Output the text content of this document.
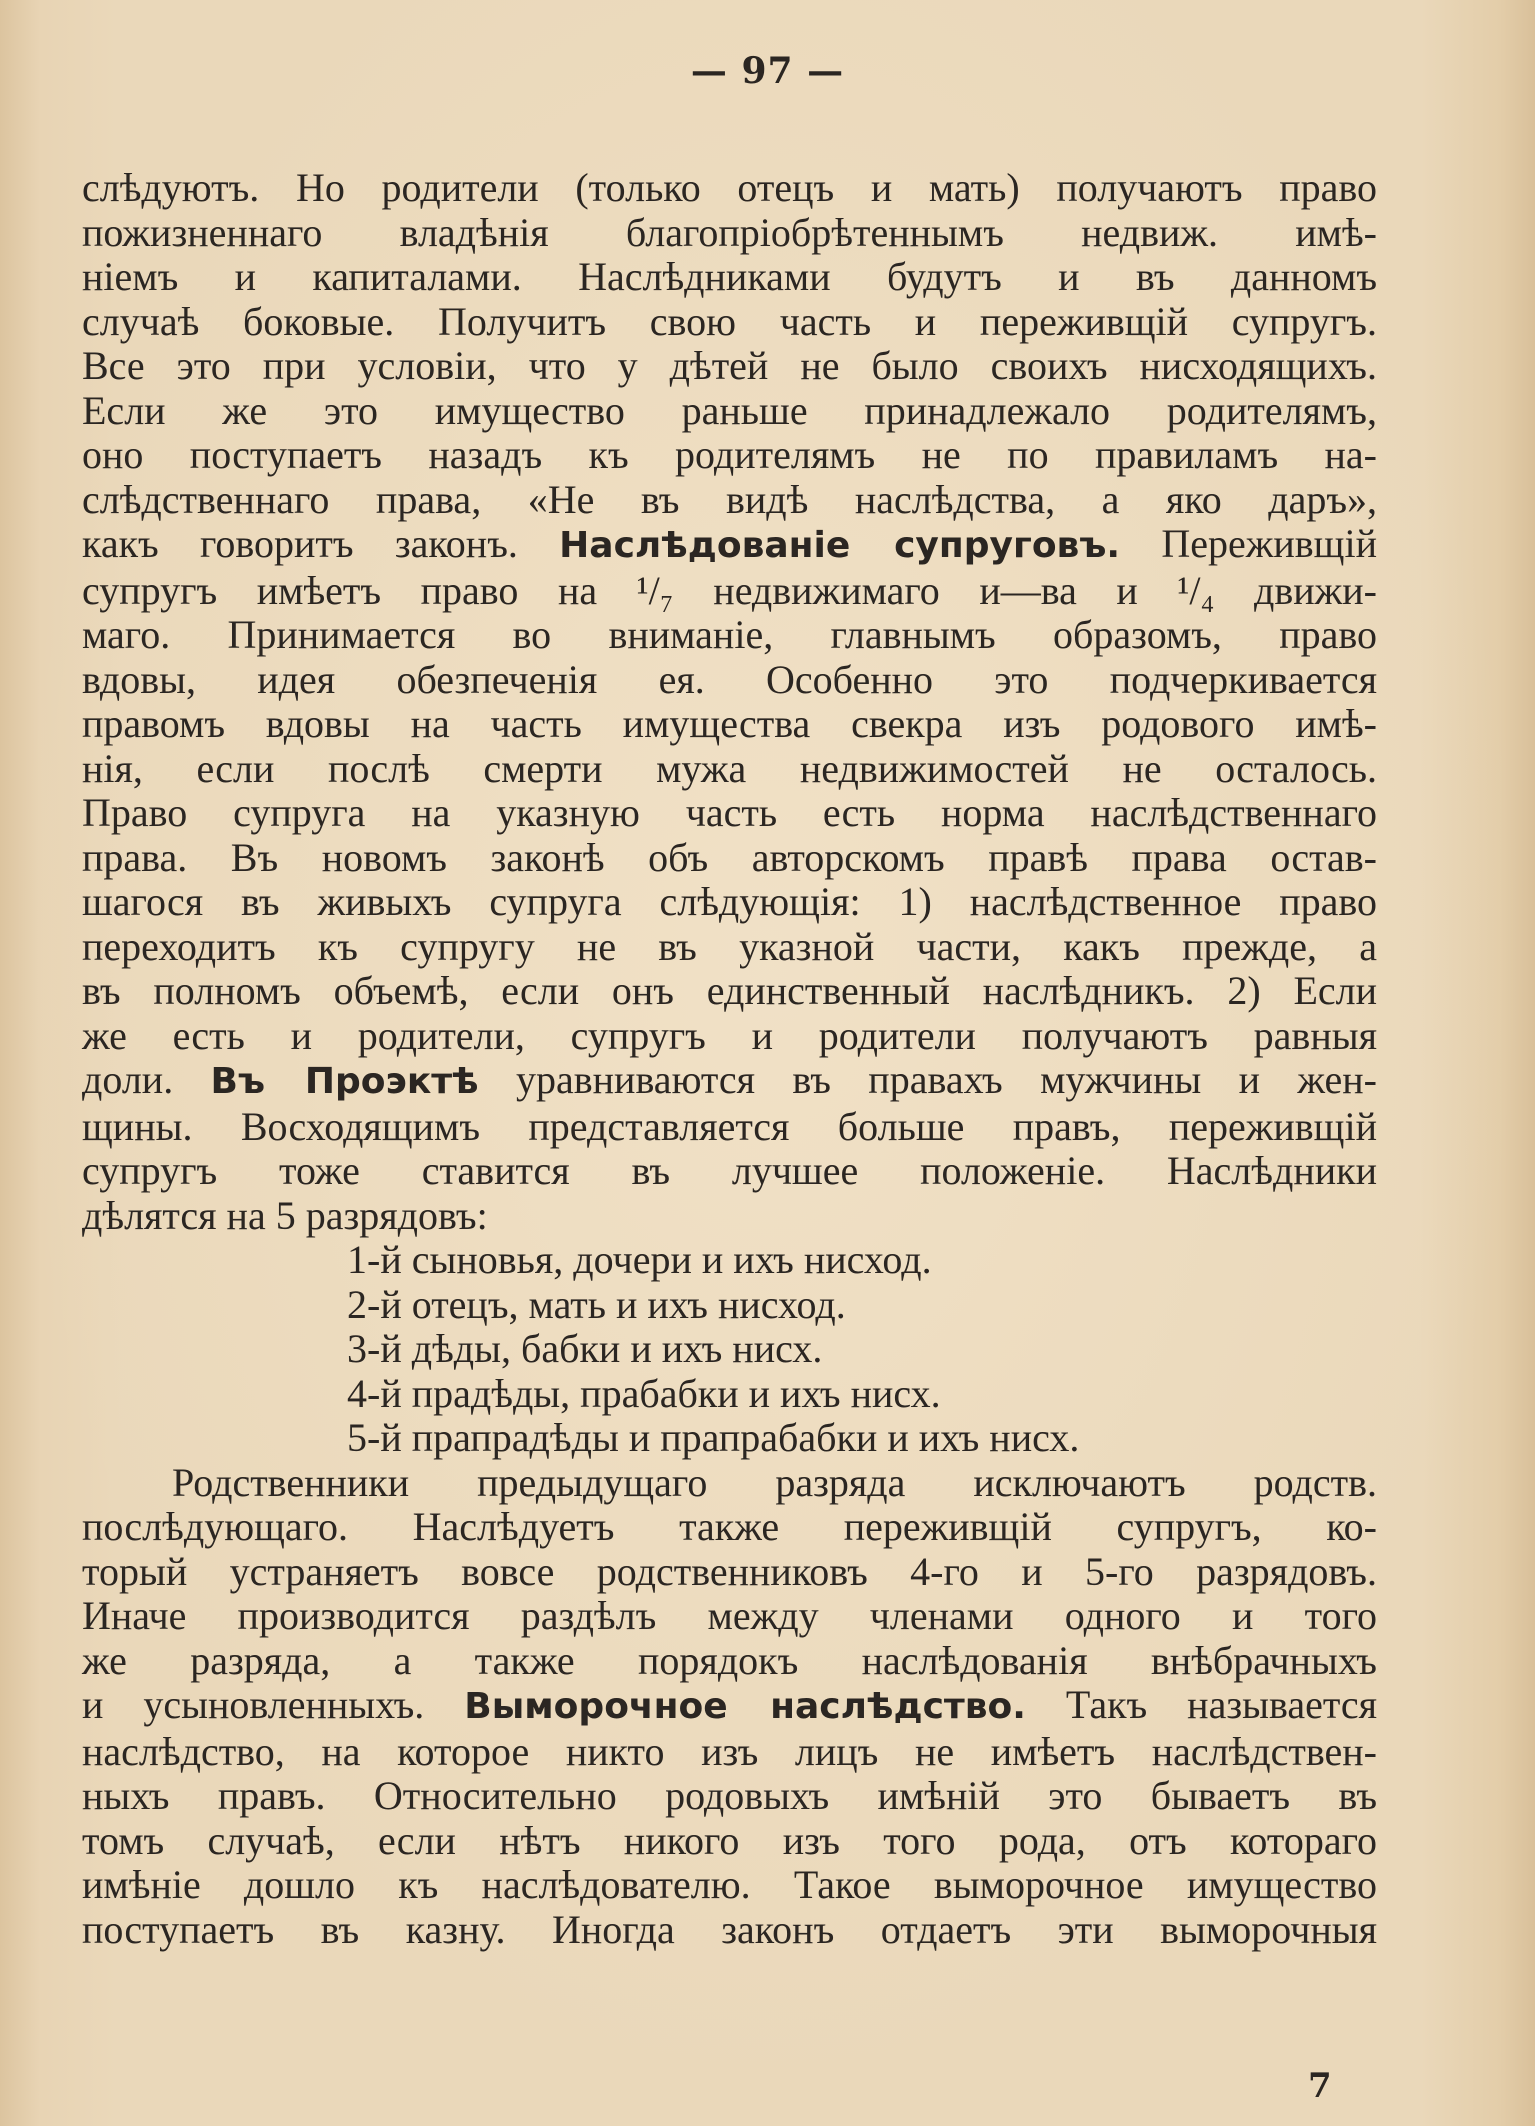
— 97 —
слѣдуютъ. Но родители (только отецъ и мать) получаютъ право
пожизненнаго владѣнія благопріобрѣтеннымъ недвиж. имѣ-
ніемъ и капиталами. Наслѣдниками будутъ и въ данномъ
случаѣ боковые. Получитъ свою часть и переживщій супругъ.
Все это при условіи, что у дѣтей не было своихъ нисходящихъ.
Если же это имущество раньше принадлежало родителямъ,
оно поступаетъ назадъ къ родителямъ не по правиламъ на-
слѣдственнаго права, «Не въ видѣ наслѣдства, а яко даръ»,
какъ говоритъ законъ. Наслѣдованіе супруговъ. Переживщій
супругъ имѣетъ право на ¹/₇ недвижимаго и—ва и ¹/₄ движи-
маго. Принимается во вниманіе, главнымъ образомъ, право
вдовы, идея обезпеченія ея. Особенно это подчеркивается
правомъ вдовы на часть имущества свекра изъ родового имѣ-
нія, если послѣ смерти мужа недвижимостей не осталось.
Право супруга на указную часть есть норма наслѣдственнаго
права. Въ новомъ законѣ объ авторскомъ правѣ права остав-
шагося въ живыхъ супруга слѣдующія: 1) наслѣдственное право
переходитъ къ супругу не въ указной части, какъ прежде, а
въ полномъ объемѣ, если онъ единственный наслѣдникъ. 2) Если
же есть и родители, супругъ и родители получаютъ равныя
доли. Въ Проэктѣ уравниваются въ правахъ мужчины и жен-
щины. Восходящимъ представляется больше правъ, переживщій
супругъ тоже ставится въ лучшее положеніе. Наслѣдники
дѣлятся на 5 разрядовъ:
1-й сыновья, дочери и ихъ нисход.
2-й отецъ, мать и ихъ нисход.
3-й дѣды, бабки и ихъ нисх.
4-й прадѣды, прабабки и ихъ нисх.
5-й прапрадѣды и прапрабабки и ихъ нисх.
Родственники предыдущаго разряда исключаютъ родств.
послѣдующаго. Наслѣдуетъ также переживщій супругъ, ко-
торый устраняетъ вовсе родственниковъ 4-го и 5-го разрядовъ.
Иначе производится раздѣлъ между членами одного и того
же разряда, а также порядокъ наслѣдованія внѣбрачныхъ
и усыновленныхъ. Выморочное наслѣдство. Такъ называется
наслѣдство, на которое никто изъ лицъ не имѣетъ наслѣдствен-
ныхъ правъ. Относительно родовыхъ имѣній это бываетъ въ
томъ случаѣ, если нѣтъ никого изъ того рода, отъ котораго
имѣніе дошло къ наслѣдователю. Такое выморочное имущество
поступаетъ въ казну. Иногда законъ отдаетъ эти выморочныя
7
